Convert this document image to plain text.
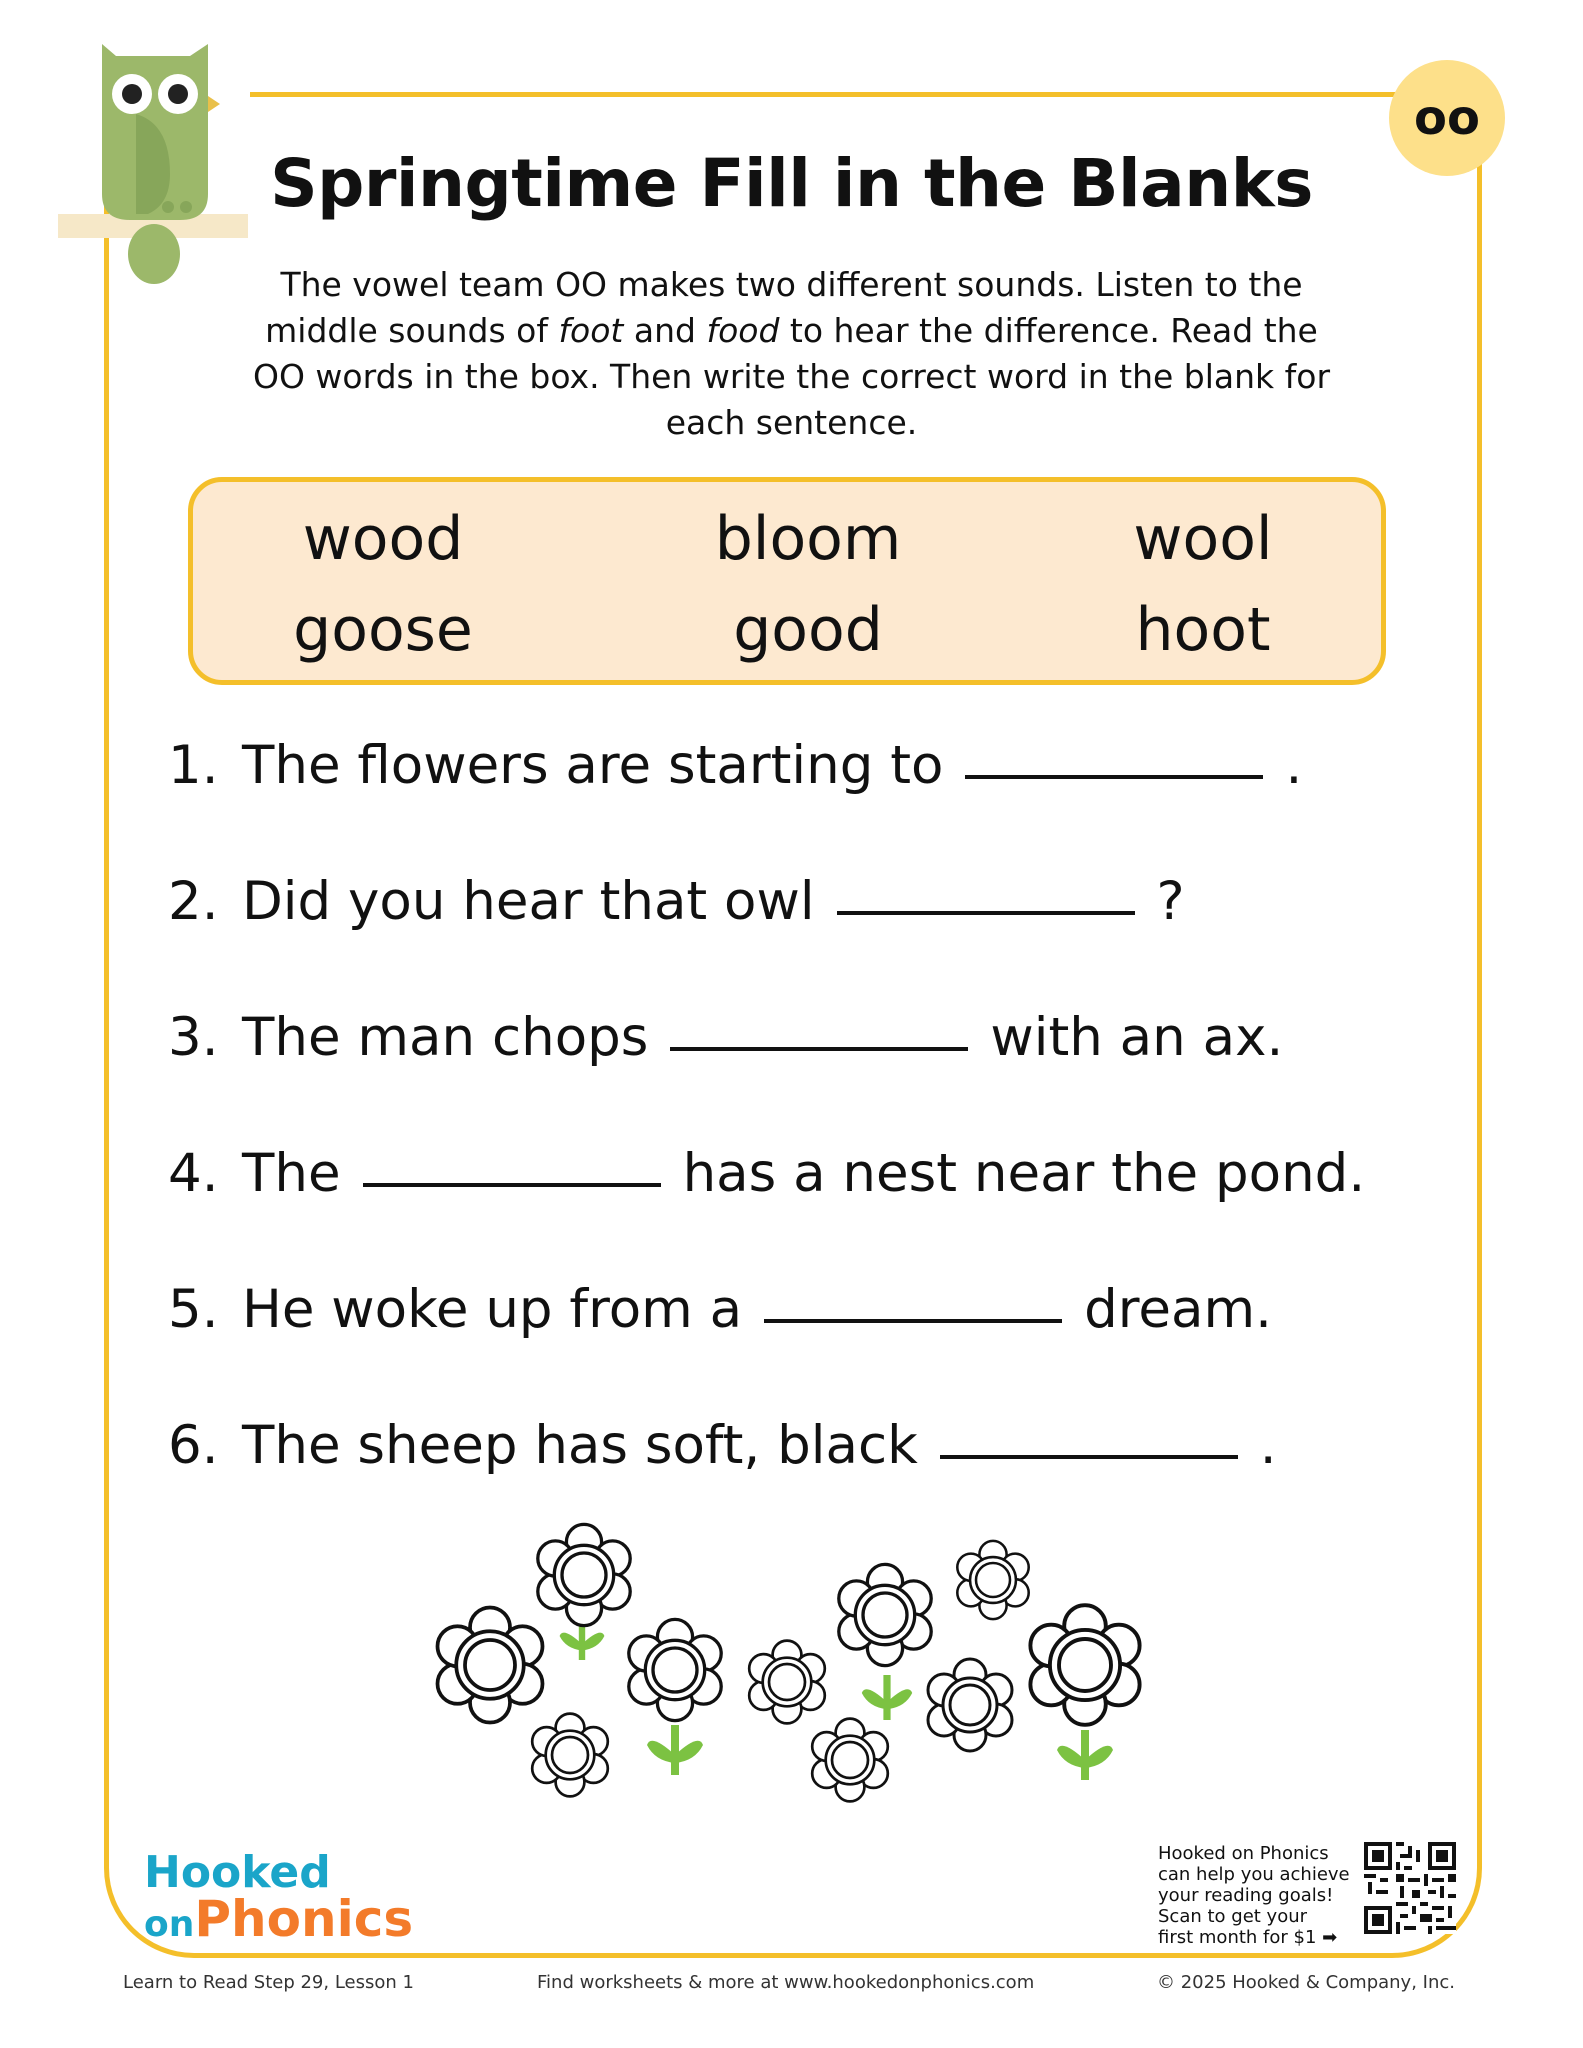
oo
Springtime Fill in the Blanks
The vowel team OO makes two different sounds. Listen to the middle sounds of foot and food to hear the difference. Read the OO words in the box. Then write the correct word in the blank for each sentence.
wood	bloom	wool
goose	good	hoot
1. The flowers are starting to	.
2. Did you hear that owl	?
3. The man chops	with an ax.
4. The	has a nest near the pond.
5. He woke up from a	dream.
6. The sheep has soft, black	.
Hooked
onPhonics
Hooked on Phonics
can help you achieve
your reading goals!
Scan to get your
first month for $1 ➡
Learn to Read Step 29, Lesson 1	Find worksheets & more at www.hookedonphonics.com	© 2025 Hooked & Company, Inc.
